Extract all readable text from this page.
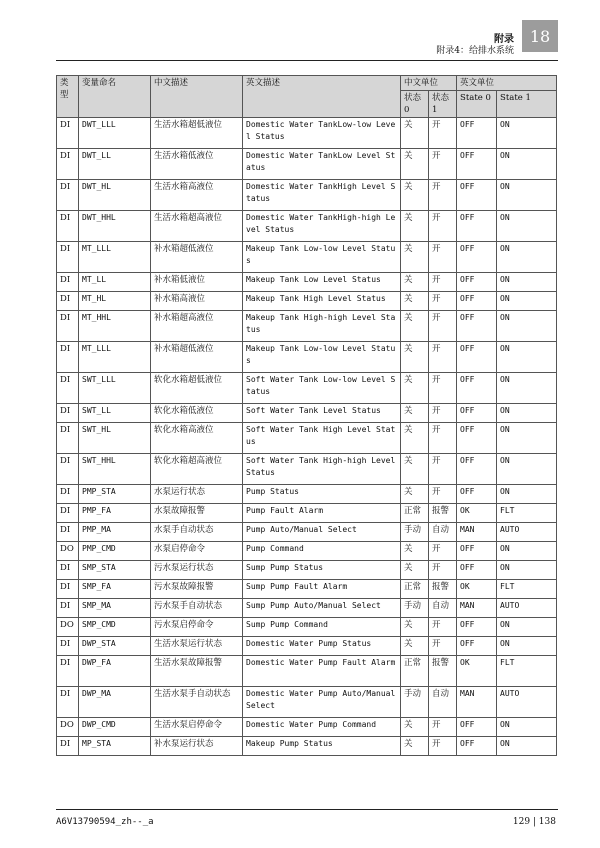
附录
附录4：给排水系统
18
类型	变量命名	中文描述	英文描述	中文单位		英文单位	
				状态0	状态1	State 0	State 1
DI	DWT_LLL	生活水箱超低液位	Domestic Water TankLow-low Level Status	关	开	OFF	ON
DI	DWT_LL	生活水箱低液位	Domestic Water TankLow Level Status	关	开	OFF	ON
DI	DWT_HL	生活水箱高液位	Domestic Water TankHigh Level Status	关	开	OFF	ON
DI	DWT_HHL	生活水箱超高液位	Domestic Water TankHigh-high Level Status	关	开	OFF	ON
DI	MT_LLL	补水箱超低液位	Makeup Tank Low-low Level Status	关	开	OFF	ON
DI	MT_LL	补水箱低液位	Makeup Tank Low Level Status	关	开	OFF	ON
DI	MT_HL	补水箱高液位	Makeup Tank High Level Status	关	开	OFF	ON
DI	MT_HHL	补水箱超高液位	Makeup Tank High-high Level Status	关	开	OFF	ON
DI	MT_LLL	补水箱超低液位	Makeup Tank Low-low Level Status	关	开	OFF	ON
DI	SWT_LLL	软化水箱超低液位	Soft Water Tank Low-low Level Status	关	开	OFF	ON
DI	SWT_LL	软化水箱低液位	Soft Water Tank Level Status	关	开	OFF	ON
DI	SWT_HL	软化水箱高液位	Soft Water Tank High Level Status	关	开	OFF	ON
DI	SWT_HHL	软化水箱超高液位	Soft Water Tank High-high Level Status	关	开	OFF	ON
DI	PMP_STA	水泵运行状态	Pump Status	关	开	OFF	ON
DI	PMP_FA	水泵故障报警	Pump Fault Alarm	正常	报警	OK	FLT
DI	PMP_MA	水泵手自动状态	Pump Auto/Manual Select	手动	自动	MAN	AUTO
DO	PMP_CMD	水泵启停命令	Pump Command	关	开	OFF	ON
DI	SMP_STA	污水泵运行状态	Sump Pump Status	关	开	OFF	ON
DI	SMP_FA	污水泵故障报警	Sump Pump Fault Alarm	正常	报警	OK	FLT
DI	SMP_MA	污水泵手自动状态	Sump Pump Auto/Manual Select	手动	自动	MAN	AUTO
DO	SMP_CMD	污水泵启停命令	Sump Pump Command	关	开	OFF	ON
DI	DWP_STA	生活水泵运行状态	Domestic Water Pump Status	关	开	OFF	ON
DI	DWP_FA	生活水泵故障报警	Domestic Water Pump Fault Alarm	正常	报警	OK	FLT
DI	DWP_MA	生活水泵手自动状态	Domestic Water Pump Auto/Manual Select	手动	自动	MAN	AUTO
DO	DWP_CMD	生活水泵启停命令	Domestic Water Pump Command	关	开	OFF	ON
DI	MP_STA	补水泵运行状态	Makeup Pump Status	关	开	OFF	ON
A6V13790594_zh--_a	129 | 138
